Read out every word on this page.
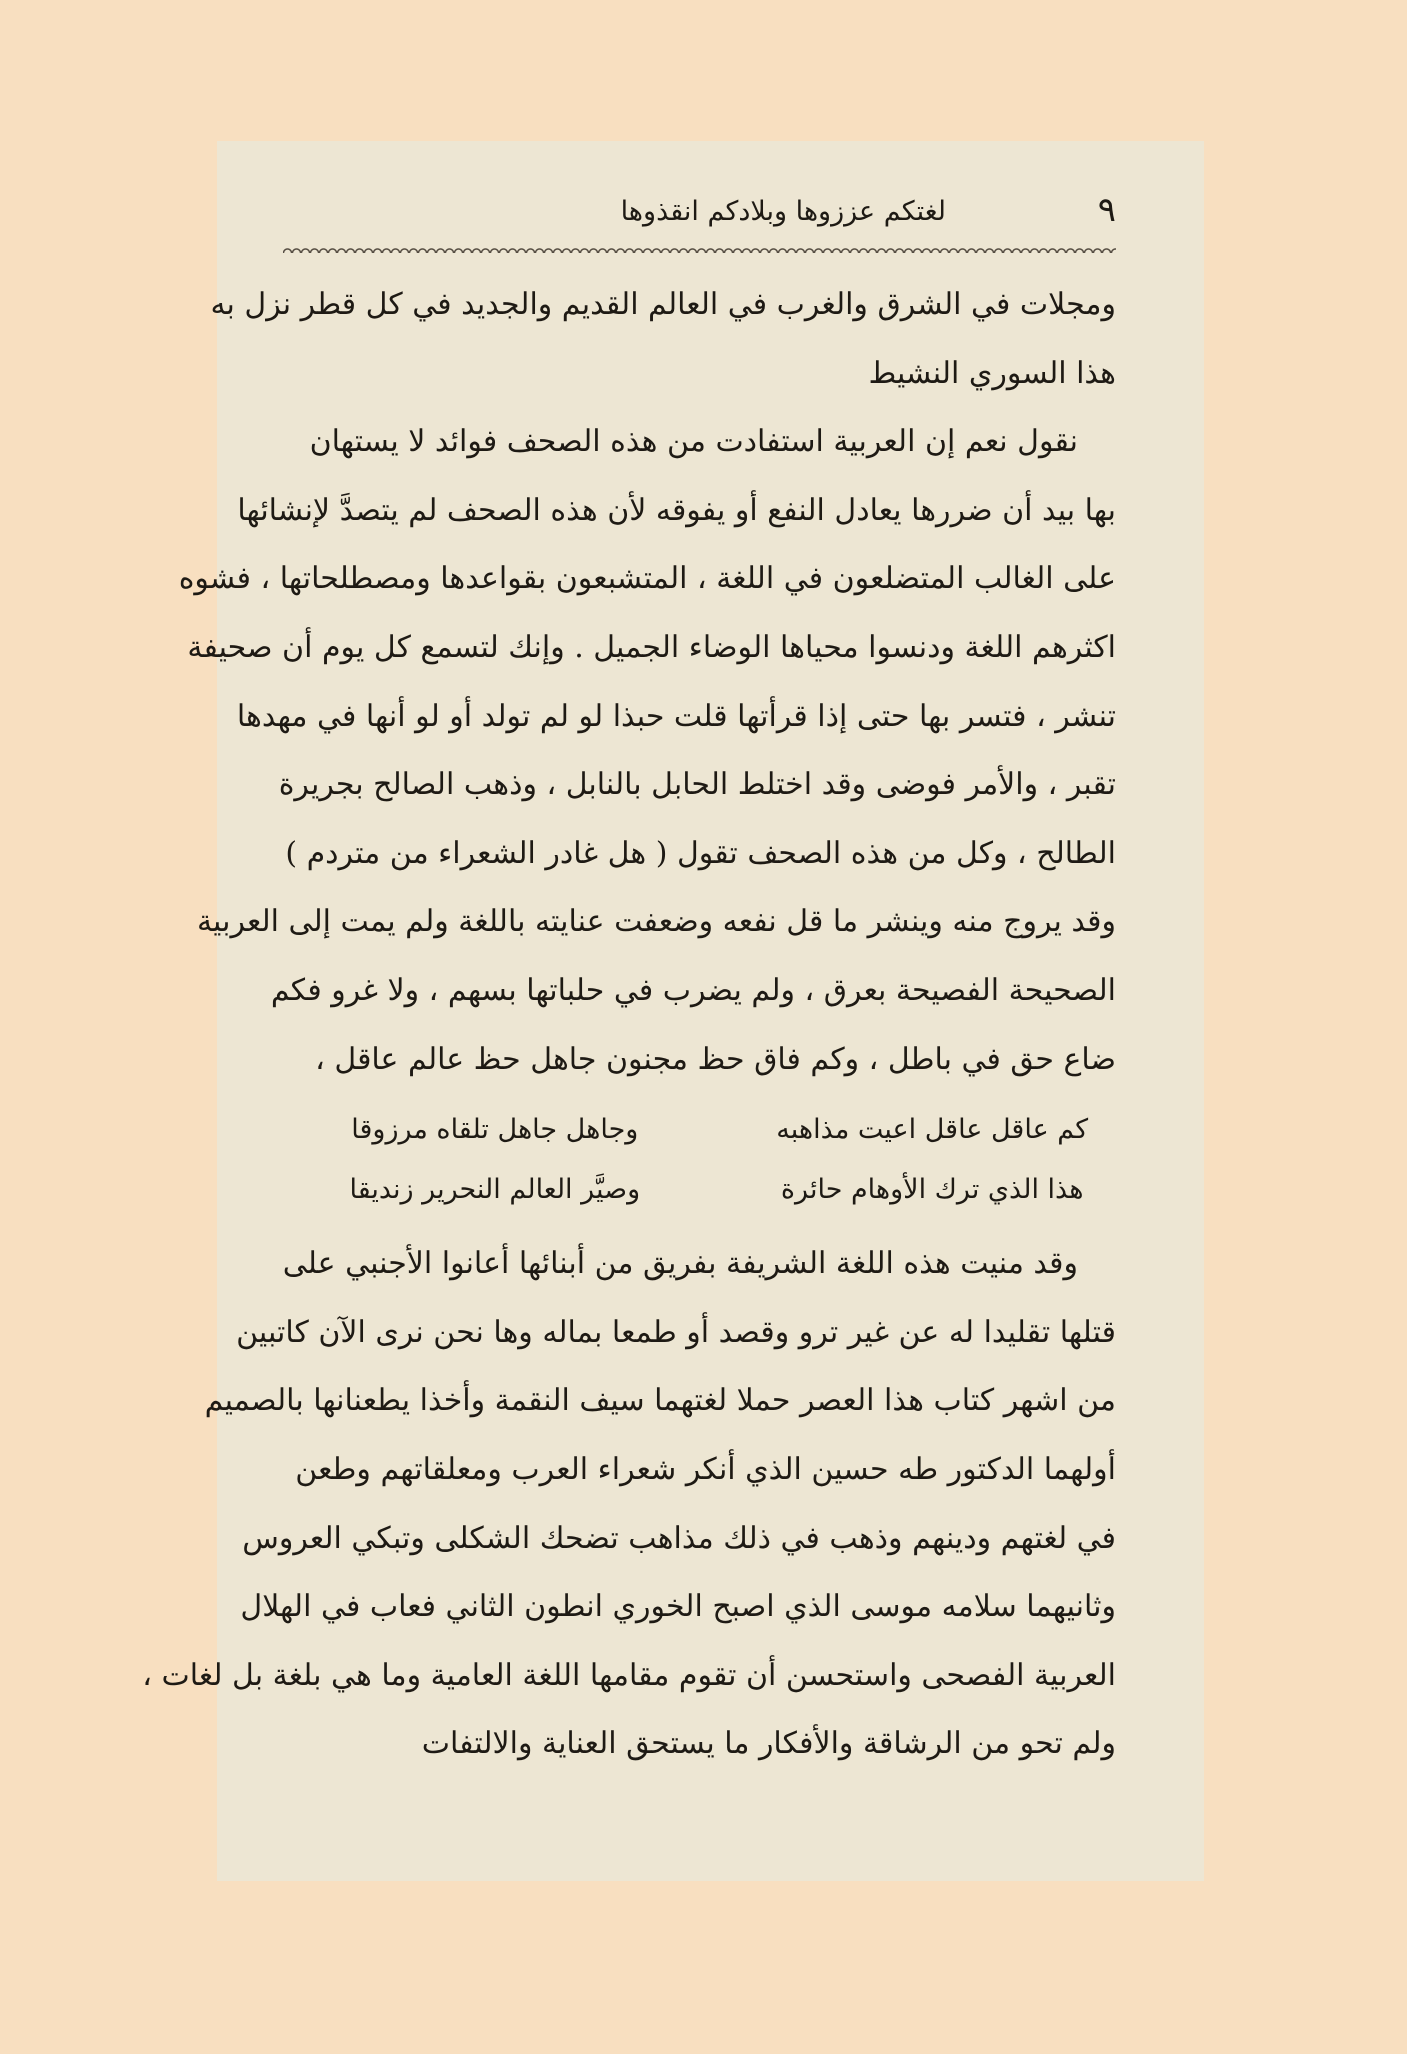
٩
لغتكم عززوها وبلادكم انقذوها
ومجلات في الشرق والغرب في العالم القديم والجديد في كل قطر نزل به
هذا السوري النشيط
نقول نعم إن العربية استفادت من هذه الصحف فوائد لا يستهان
بها بيد أن ضررها يعادل النفع أو يفوقه لأن هذه الصحف لم يتصدَّ لإنشائها
على الغالب المتضلعون في اللغة ، المتشبعون بقواعدها ومصطلحاتها ، فشوه
اكثرهم اللغة ودنسوا محياها الوضاء الجميل . وإنك لتسمع كل يوم أن صحيفة
تنشر ، فتسر بها حتى إذا قرأتها قلت حبذا لو لم تولد أو لو أنها في مهدها
تقبر ، والأمر فوضى وقد اختلط الحابل بالنابل ، وذهب الصالح بجريرة
الطالح ، وكل من هذه الصحف تقول ( هل غادر الشعراء من متردم )
وقد يروج منه وينشر ما قل نفعه وضعفت عنايته باللغة ولم يمت إلى العربية
الصحيحة الفصيحة بعرق ، ولم يضرب في حلباتها بسهم ، ولا غرو فكم
ضاع حق في باطل ، وكم فاق حظ مجنون جاهل حظ عالم عاقل ،
كم عاقل عاقل اعيت مذاهبه
وجاهل جاهل تلقاه مرزوقا
هذا الذي ترك الأوهام حائرة
وصيَّر العالم النحرير زنديقا
وقد منيت هذه اللغة الشريفة بفريق من أبنائها أعانوا الأجنبي على
قتلها تقليدا له عن غير ترو وقصد أو طمعا بماله وها نحن نرى الآن كاتبين
من اشهر كتاب هذا العصر حملا لغتهما سيف النقمة وأخذا يطعنانها بالصميم
أولهما الدكتور طه حسين الذي أنكر شعراء العرب ومعلقاتهم وطعن
في لغتهم ودينهم وذهب في ذلك مذاهب تضحك الشكلى وتبكي العروس
وثانيهما سلامه موسى الذي اصبح الخوري انطون الثاني فعاب في الهلال
العربية الفصحى واستحسن أن تقوم مقامها اللغة العامية وما هي بلغة بل لغات ،
ولم تحو من الرشاقة والأفكار ما يستحق العناية والالتفات
